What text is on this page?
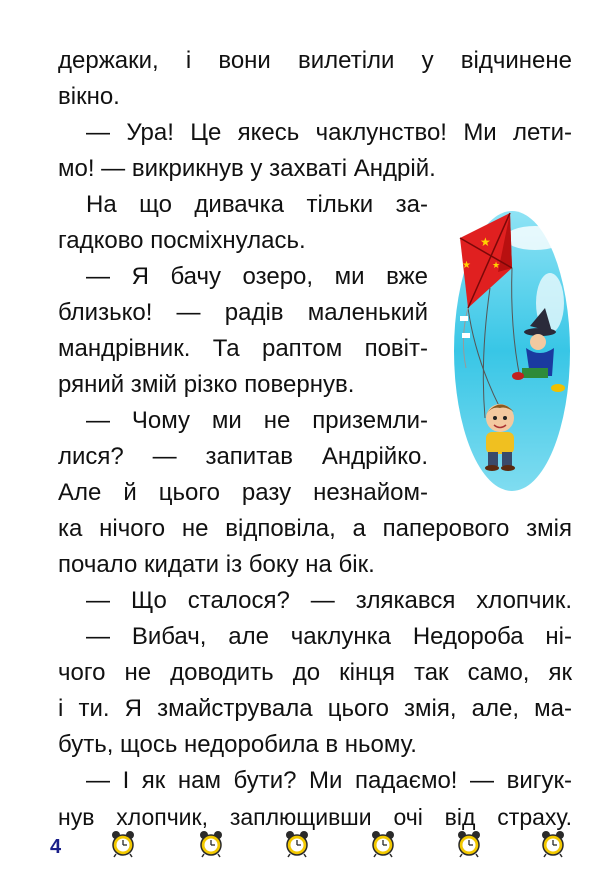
держаки, і вони вилетіли у відчинене
вікно.
— Ура! Це якесь чаклунство! Ми лети-
мо! — викрикнув у захваті Андрій.
На що дивачка тільки за-
гадково посміхнулась.
— Я бачу озеро, ми вже
близько! — радів маленький
мандрівник. Та раптом повіт-
ряний змій різко повернув.
— Чому ми не приземли-
лися? — запитав Андрійко.
Але й цього разу незнайом-
ка нічого не відповіла, а паперового змія
почало кидати із боку на бік.
— Що сталося? — злякався хлопчик.
— Вибач, але чаклунка Недороба ні-
чого не доводить до кінця так само, як
і ти. Я змайструвала цього змія, але, ма-
буть, щось недоробила в ньому.
— І як нам бути? Ми падаємо! — вигук-
нув хлопчик, заплющивши очі від страху.
★
★ ★
4
